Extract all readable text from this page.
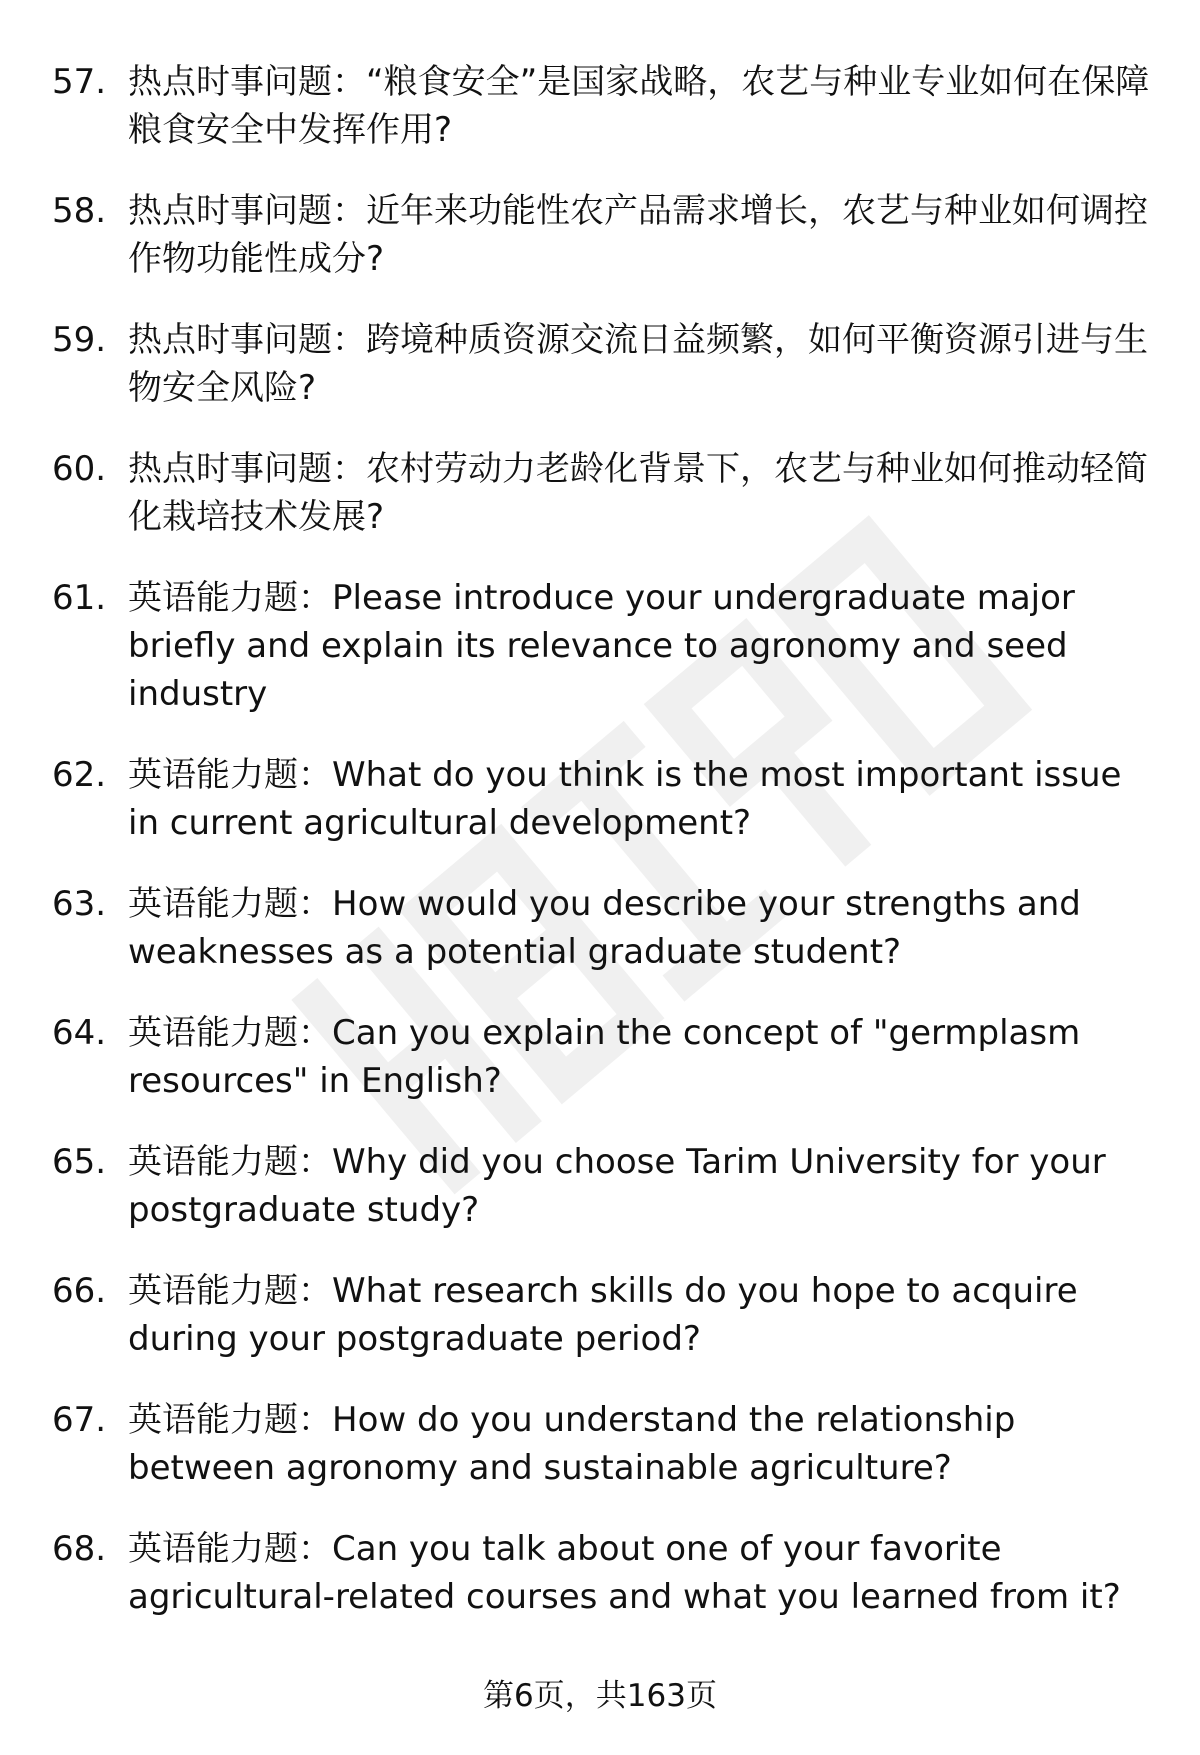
57. 热点时事问题：“粮食安全”是国家战略，农艺与种业专业如何在保障粮食安全中发挥作用?
58. 热点时事问题：近年来功能性农产品需求增长，农艺与种业如何调控作物功能性成分?
59. 热点时事问题：跨境种质资源交流日益频繁，如何平衡资源引进与生物安全风险?
60. 热点时事问题：农村劳动力老龄化背景下，农艺与种业如何推动轻简化栽培技术发展?
61. 英语能力题：Please introduce your undergraduate major briefly and explain its relevance to agronomy and seed industry
62. 英语能力题：What do you think is the most important issue in current agricultural development?
63. 英语能力题：How would you describe your strengths and weaknesses as a potential graduate student?
64. 英语能力题：Can you explain the concept of "germplasm resources" in English?
65. 英语能力题：Why did you choose Tarim University for your postgraduate study?
66. 英语能力题：What research skills do you hope to acquire during your postgraduate period?
67. 英语能力题：How do you understand the relationship between agronomy and sustainable agriculture?
68. 英语能力题：Can you talk about one of your favorite agricultural-related courses and what you learned from it?
第6页，共163页
